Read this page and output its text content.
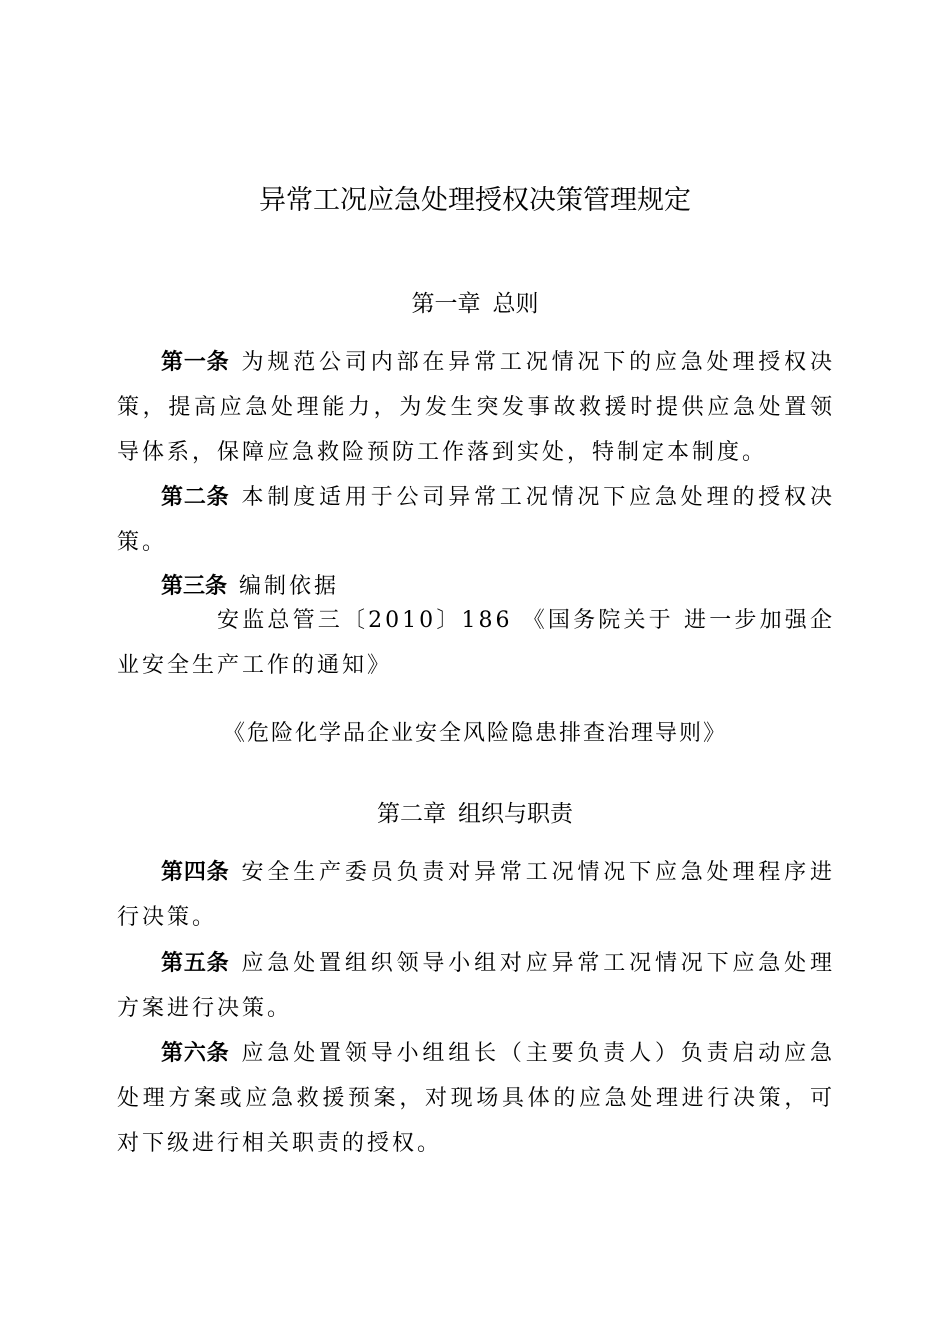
异常工况应急处理授权决策管理规定
第一章 总则
第一条 为规范公司内部在异常工况情况下的应急处理授权决策，提高应急处理能力，为发生突发事故救援时提供应急处置领导体系，保障应急救险预防工作落到实处，特制定本制度。
第二条 本制度适用于公司异常工况情况下应急处理的授权决策。
第三条 编制依据
安监总管三〔2010〕186 《国务院关于 进一步加强企业安全生产工作的通知》
《危险化学品企业安全风险隐患排查治理导则》
第二章 组织与职责
第四条 安全生产委员负责对异常工况情况下应急处理程序进行决策。
第五条 应急处置组织领导小组对应异常工况情况下应急处理方案进行决策。
第六条 应急处置领导小组组长（主要负责人）负责启动应急处理方案或应急救援预案，对现场具体的应急处理进行决策，可对下级进行相关职责的授权。
